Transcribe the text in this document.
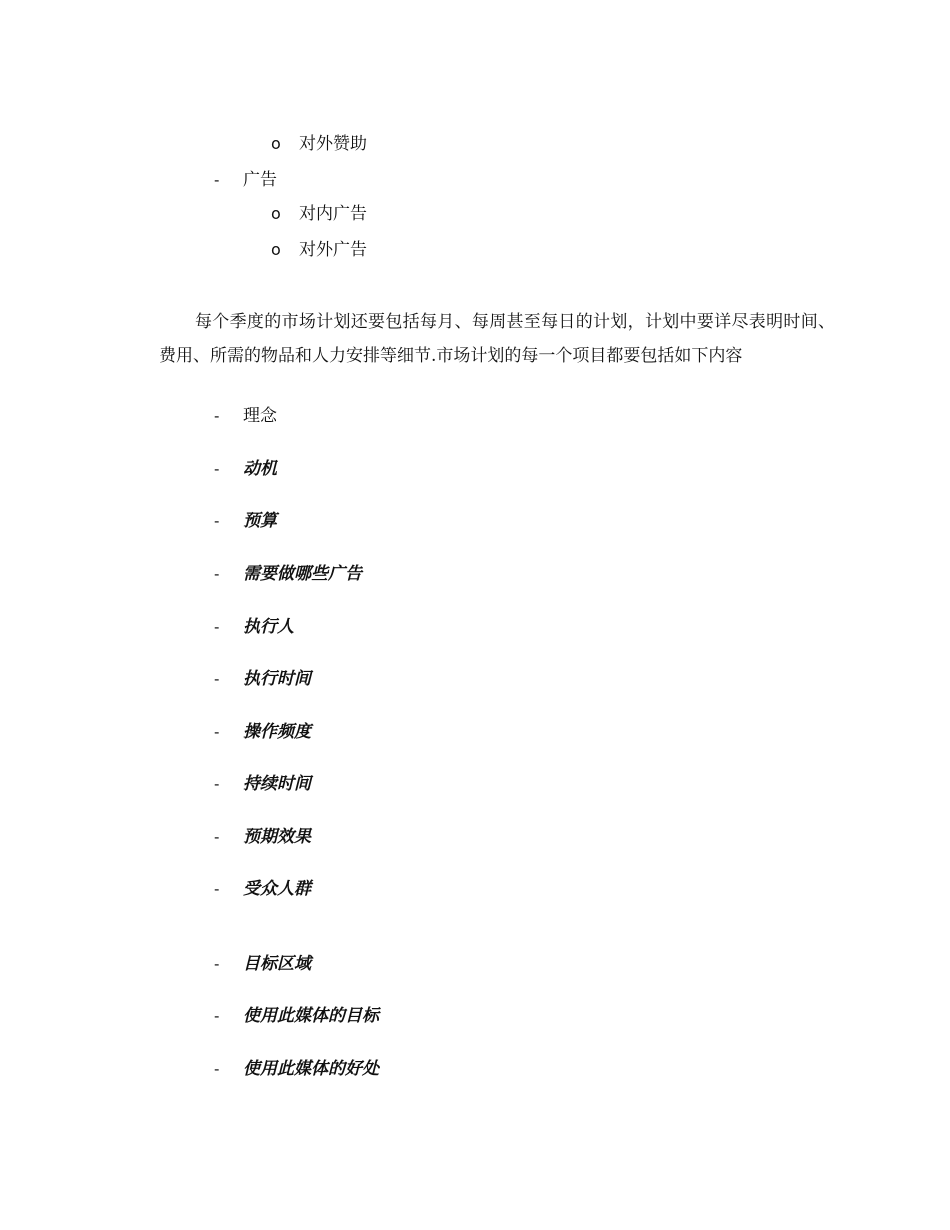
o 对外赞助
- 广告
o 对内广告
o 对外广告
每个季度的市场计划还要包括每月、每周甚至每日的计划，计划中要详尽表明时间、费用、所需的物品和人力安排等细节.市场计划的每一个项目都要包括如下内容
- 理念
- 动机
- 预算
- 需要做哪些广告
- 执行人
- 执行时间
- 操作频度
- 持续时间
- 预期效果
- 受众人群
- 目标区域
- 使用此媒体的目标
- 使用此媒体的好处
